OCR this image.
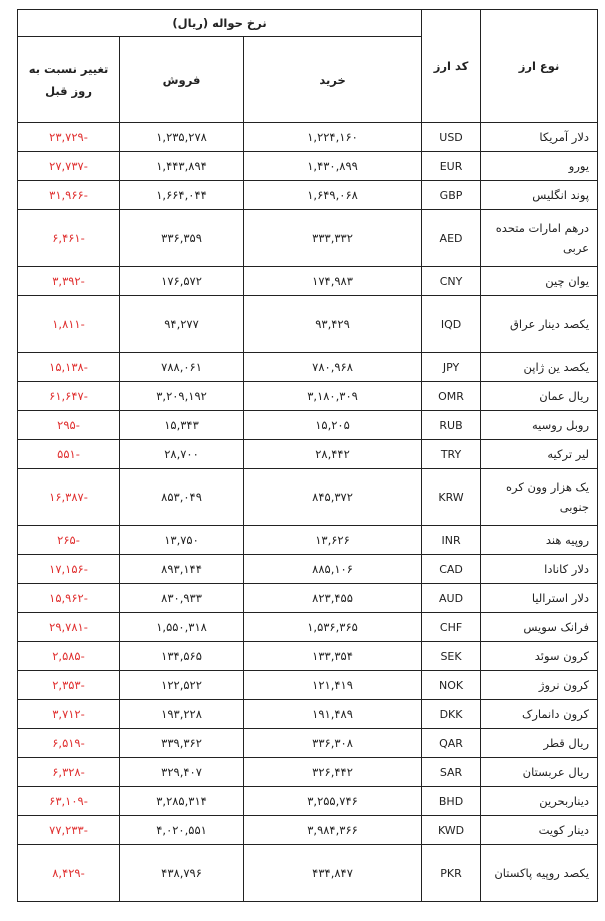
نوع ارز	کد ارز	نرخ حواله (ریال)		
		خرید	فروش	تغییر نسبت به روز قبل
دلار آمریکا	USD	۱,۲۲۴,۱۶۰	۱,۲۳۵,۲۷۸	-۲۳,۷۲۹
یورو	EUR	۱,۴۳۰,۸۹۹	۱,۴۴۳,۸۹۴	-۲۷,۷۳۷
پوند انگلیس	GBP	۱,۶۴۹,۰۶۸	۱,۶۶۴,۰۴۴	-۳۱,۹۶۶
درهم امارات متحده عربی	AED	۳۳۳,۳۳۲	۳۳۶,۳۵۹	-۶,۴۶۱
یوان چین	CNY	۱۷۴,۹۸۳	۱۷۶,۵۷۲	-۳,۳۹۲
یکصد دینار عراق	IQD	۹۳,۴۲۹	۹۴,۲۷۷	-۱,۸۱۱
یکصد ین ژاپن	JPY	۷۸۰,۹۶۸	۷۸۸,۰۶۱	-۱۵,۱۳۸
ریال عمان	OMR	۳,۱۸۰,۳۰۹	۳,۲۰۹,۱۹۲	-۶۱,۶۴۷
روبل روسیه	RUB	۱۵,۲۰۵	۱۵,۳۴۳	-۲۹۵
لیر ترکیه	TRY	۲۸,۴۴۲	۲۸,۷۰۰	-۵۵۱
یک هزار وون کره جنوبی	KRW	۸۴۵,۳۷۲	۸۵۳,۰۴۹	-۱۶,۳۸۷
روپیه هند	INR	۱۳,۶۲۶	۱۳,۷۵۰	-۲۶۵
دلار کانادا	CAD	۸۸۵,۱۰۶	۸۹۳,۱۴۴	-۱۷,۱۵۶
دلار استرالیا	AUD	۸۲۳,۴۵۵	۸۳۰,۹۳۳	-۱۵,۹۶۲
فرانک سویس	CHF	۱,۵۳۶,۳۶۵	۱,۵۵۰,۳۱۸	-۲۹,۷۸۱
کرون سوئد	SEK	۱۳۳,۳۵۴	۱۳۴,۵۶۵	-۲,۵۸۵
کرون نروژ	NOK	۱۲۱,۴۱۹	۱۲۲,۵۲۲	-۲,۳۵۳
کرون دانمارک	DKK	۱۹۱,۴۸۹	۱۹۳,۲۲۸	-۳,۷۱۲
ریال قطر	QAR	۳۳۶,۳۰۸	۳۳۹,۳۶۲	-۶,۵۱۹
ریال عربستان	SAR	۳۲۶,۴۴۲	۳۲۹,۴۰۷	-۶,۳۲۸
دیناربحرین	BHD	۳,۲۵۵,۷۴۶	۳,۲۸۵,۳۱۴	-۶۳,۱۰۹
دینار کویت	KWD	۳,۹۸۴,۳۶۶	۴,۰۲۰,۵۵۱	-۷۷,۲۳۳
یکصد روپیه پاکستان	PKR	۴۳۴,۸۴۷	۴۳۸,۷۹۶	-۸,۴۲۹
